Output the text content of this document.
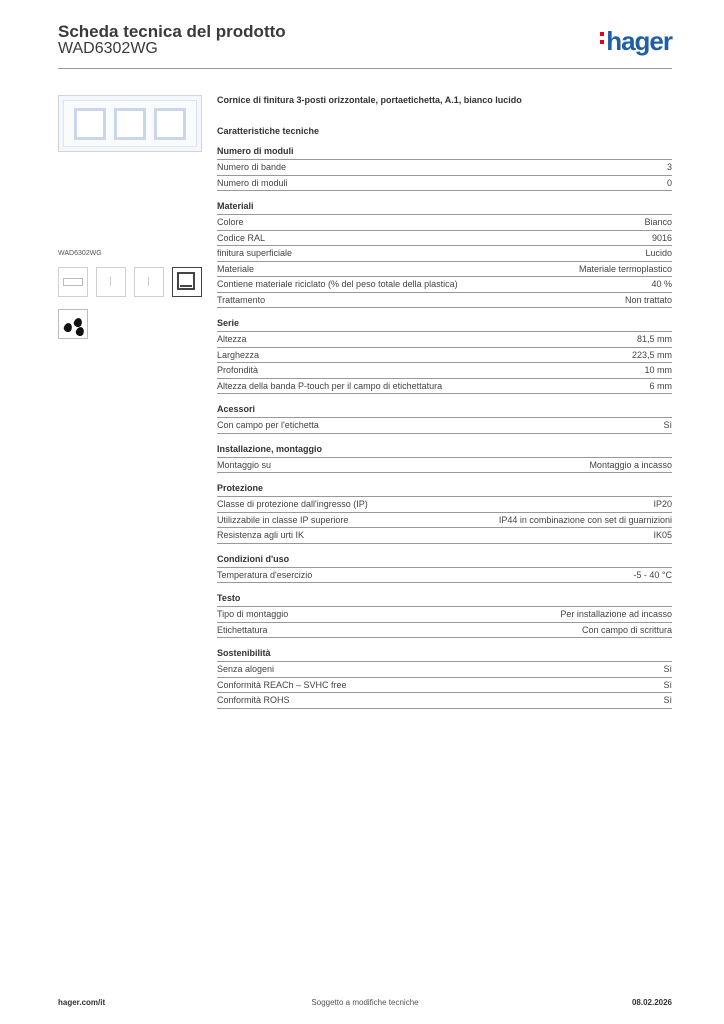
Scheda tecnica del prodotto
WAD6302WG	hager
WAD6302WG
Cornice di finitura 3-posti orizzontale, portaetichetta, A.1, bianco lucido
Caratteristiche tecniche
Numero di moduli
Numero di bande	3
Numero di moduli	0
Materiali
Colore	Bianco
Codice RAL	9016
finitura superficiale	Lucido
Materiale	Materiale termoplastico
Contiene materiale riciclato (% del peso totale della plastica)	40 %
Trattamento	Non trattato
Serie
Altezza	81,5 mm
Larghezza	223,5 mm
Profondità	10 mm
Altezza della banda P-touch per il campo di etichettatura	6 mm
Acessori
Con campo per l'etichetta	Sì
Installazione, montaggio
Montaggio su	Montaggio a incasso
Protezione
Classe di protezione dall'ingresso (IP)	IP20
Utilizzabile in classe IP superiore	IP44 in combinazione con set di guarnizioni
Resistenza agli urti IK	IK05
Condizioni d'uso
Temperatura d'esercizio	-5 - 40 °C
Testo
Tipo di montaggio	Per installazione ad incasso
Etichettatura	Con campo di scrittura
Sostenibilità
Senza alogeni	Sì
Conformità REACh – SVHC free	Sì
Conformità ROHS	Sì
Soggetto a modifiche tecniche
hager.com/it	08.02.2026
